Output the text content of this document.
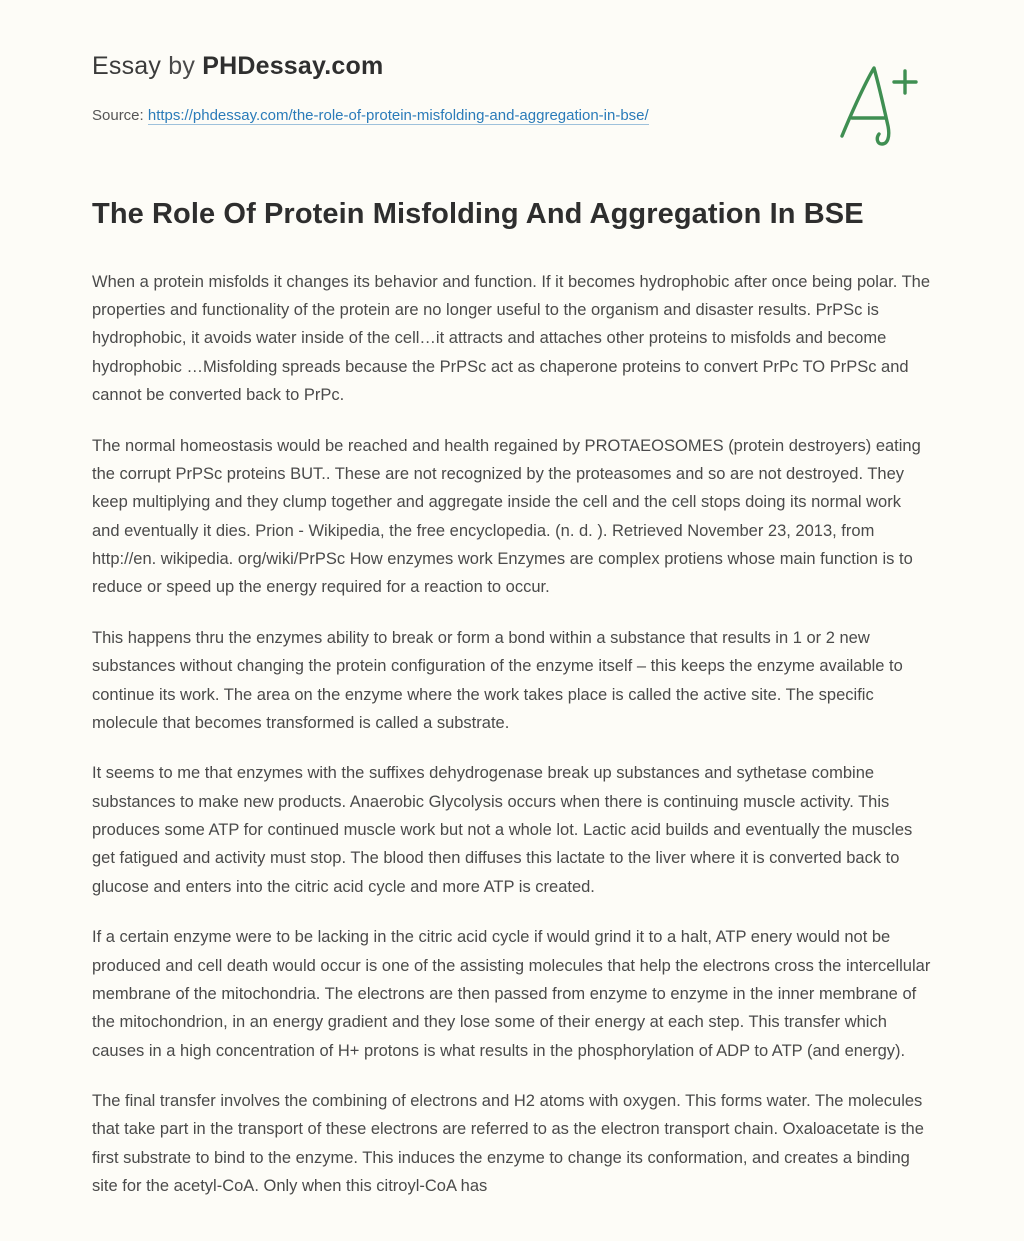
Essay by PHDessay.com
Source: https://phdessay.com/the-role-of-protein-misfolding-and-aggregation-in-bse/
The Role Of Protein Misfolding And Aggregation In BSE

When a protein misfolds it changes its behavior and function. If it becomes hydrophobic after once being polar. The properties and functionality of the protein are no longer useful to the organism and disaster results. PrPSc is hydrophobic, it avoids water inside of the cell…it attracts and attaches other proteins to misfolds and become hydrophobic …Misfolding spreads because the PrPSc act as chaperone proteins to convert PrPc TO PrPSc and cannot be converted back to PrPc.

The normal homeostasis would be reached and health regained by PROTAEOSOMES (protein destroyers) eating the corrupt PrPSc proteins BUT.. These are not recognized by the proteasomes and so are not destroyed. They keep multiplying and they clump together and aggregate inside the cell and the cell stops doing its normal work and eventually it dies. Prion - Wikipedia, the free encyclopedia. (n. d. ). Retrieved November 23, 2013, from http://en. wikipedia. org/wiki/PrPSc How enzymes work Enzymes are complex protiens whose main function is to reduce or speed up the energy required for a reaction to occur.

This happens thru the enzymes ability to break or form a bond within a substance that results in 1 or 2 new substances without changing the protein configuration of the enzyme itself – this keeps the enzyme available to continue its work. The area on the enzyme where the work takes place is called the active site. The specific molecule that becomes transformed is called a substrate.

It seems to me that enzymes with the suffixes dehydrogenase break up substances and sythetase combine substances to make new products. Anaerobic Glycolysis occurs when there is continuing muscle activity. This produces some ATP for continued muscle work but not a whole lot. Lactic acid builds and eventually the muscles get fatigued and activity must stop. The blood then diffuses this lactate to the liver where it is converted back to glucose and enters into the citric acid cycle and more ATP is created.

If a certain enzyme were to be lacking in the citric acid cycle if would grind it to a halt, ATP enery would not be produced and cell death would occur is one of the assisting molecules that help the electrons cross the intercellular membrane of the mitochondria. The electrons are then passed from enzyme to enzyme in the inner membrane of the mitochondrion, in an energy gradient and they lose some of their energy at each step. This transfer which causes in a high concentration of H+ protons is what results in the phosphorylation of ADP to ATP (and energy).

The final transfer involves the combining of electrons and H2 atoms with oxygen. This forms water. The molecules that take part in the transport of these electrons are referred to as the electron transport chain. Oxaloacetate is the first substrate to bind to the enzyme. This induces the enzyme to change its conformation, and creates a binding site for the acetyl-CoA. Only when this citroyl-CoA has
